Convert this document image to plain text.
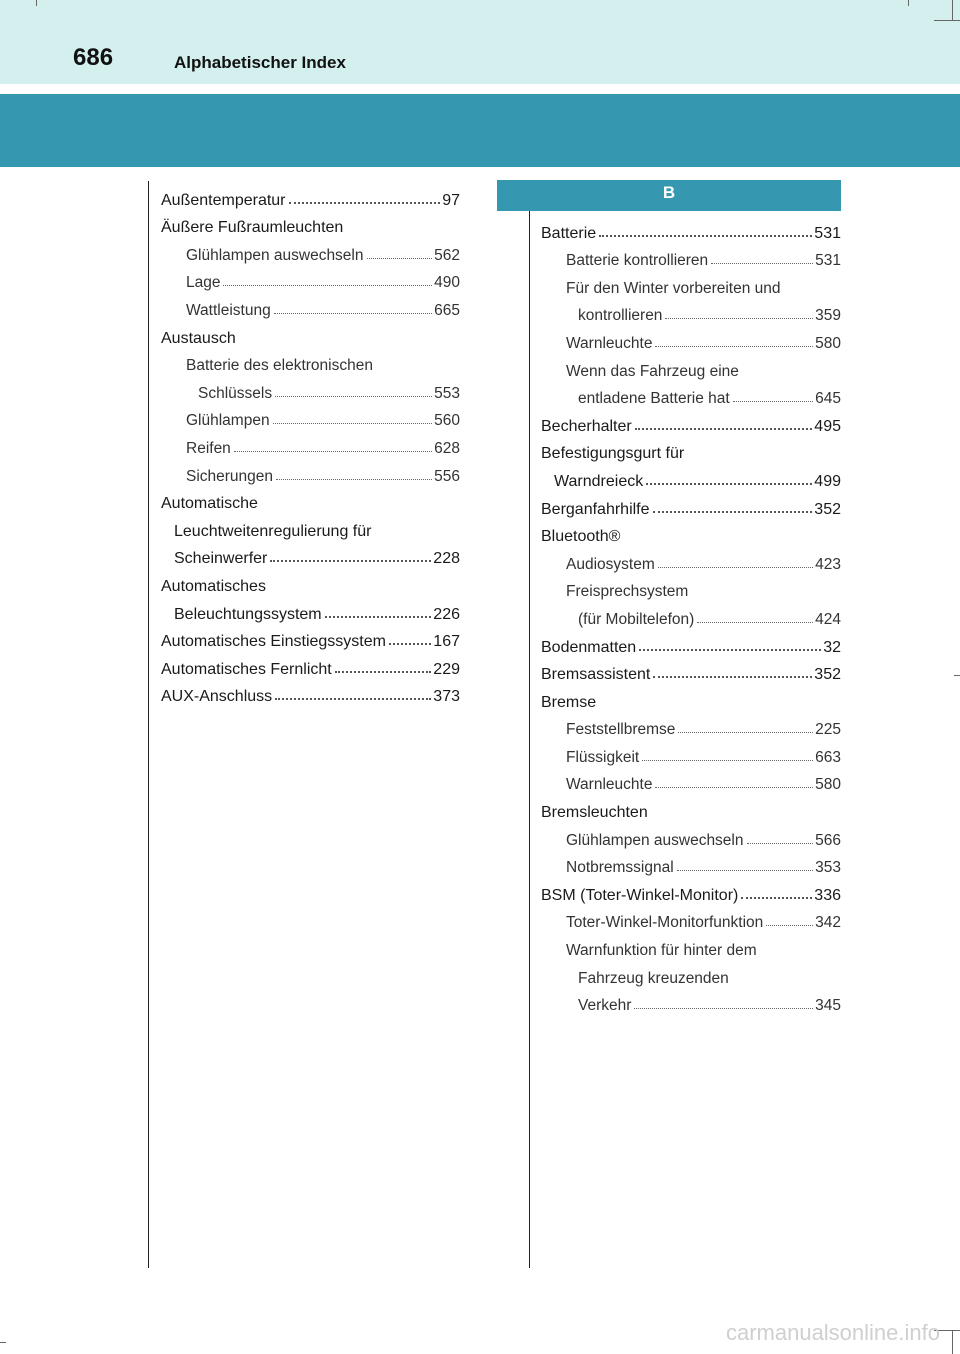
686	Alphabetischer Index
B
Außentemperatur	97
Äußere Fußraumleuchten
Glühlampen auswechseln	562
Lage	490
Wattleistung	665
Austausch
Batterie des elektronischen
Schlüssels	553
Glühlampen	560
Reifen	628
Sicherungen	556
Automatische
Leuchtweitenregulierung für
Scheinwerfer	228
Automatisches
Beleuchtungssystem	226
Automatisches Einstiegssystem	167
Automatisches Fernlicht	229
AUX-Anschluss	373
Batterie	531
Batterie kontrollieren	531
Für den Winter vorbereiten und
kontrollieren	359
Warnleuchte	580
Wenn das Fahrzeug eine
entladene Batterie hat	645
Becherhalter	495
Befestigungsgurt für
Warndreieck	499
Berganfahrhilfe	352
Bluetooth®
Audiosystem	423
Freisprechsystem
(für Mobiltelefon)	424
Bodenmatten	32
Bremsassistent	352
Bremse
Feststellbremse	225
Flüssigkeit	663
Warnleuchte	580
Bremsleuchten
Glühlampen auswechseln	566
Notbremssignal	353
BSM (Toter-Winkel-Monitor)	336
Toter-Winkel-Monitorfunktion	342
Warnfunktion für hinter dem
Fahrzeug kreuzenden
Verkehr	345
carmanualsonline.info
